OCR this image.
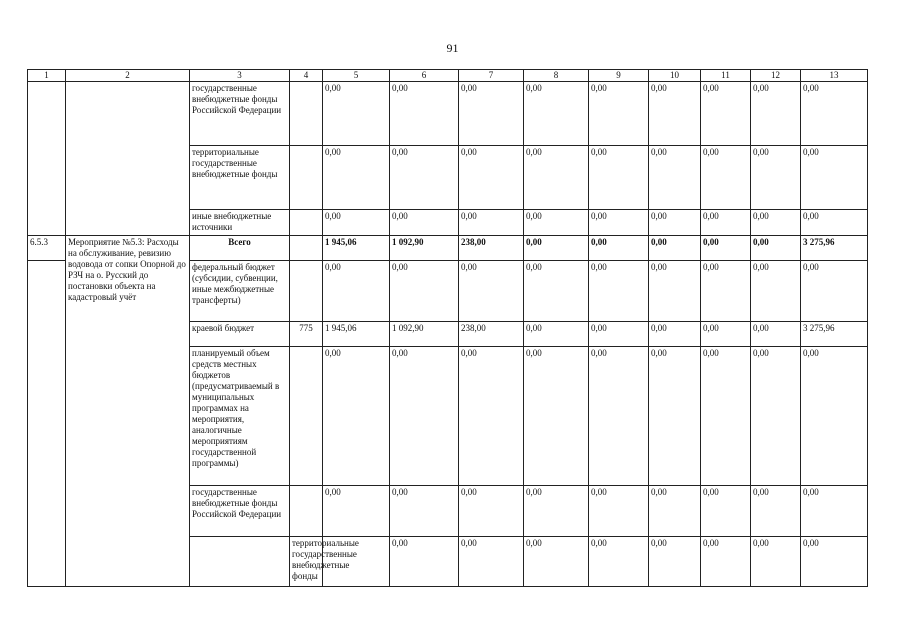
91
1	2	3	4	5	6	7	8	9	10	11	12	13	
		государственные внебюджетные фонды Российской Федерации		0,00	0,00	0,00	0,00	0,00	0,00	0,00	0,00	0,00	
		территориальные государственные внебюджетные фонды		0,00	0,00	0,00	0,00	0,00	0,00	0,00	0,00	0,00	
		иные внебюджетные источники		0,00	0,00	0,00	0,00	0,00	0,00	0,00	0,00	0,00	
6.5.3	Мероприятие №5.3: Расходы на обслуживание, ревизию водовода от сопки Опорной до РЗЧ на о. Русский до постановки объекта на кадастровый учёт	Всего		1 945,06	1 092,90	238,00	0,00	0,00	0,00	0,00	0,00	3 275,96	
		федеральный бюджет (субсидии, субвенции, иные межбюджетные трансферты)		0,00	0,00	0,00	0,00	0,00	0,00	0,00	0,00	0,00	
		краевой бюджет	775	1 945,06	1 092,90	238,00	0,00	0,00	0,00	0,00	0,00	3 275,96	
		планируемый объем средств местных бюджетов (предусматриваемый в муниципальных программах на мероприятия, аналогичные мероприятиям государственной программы)		0,00	0,00	0,00	0,00	0,00	0,00	0,00	0,00	0,00	
		государственные внебюджетные фонды Российской Федерации		0,00	0,00	0,00	0,00	0,00	0,00	0,00	0,00	0,00	
			территориальные государственные внебюджетные фонды		0,00	0,00	0,00	0,00	0,00	0,00	0,00	0,00	
